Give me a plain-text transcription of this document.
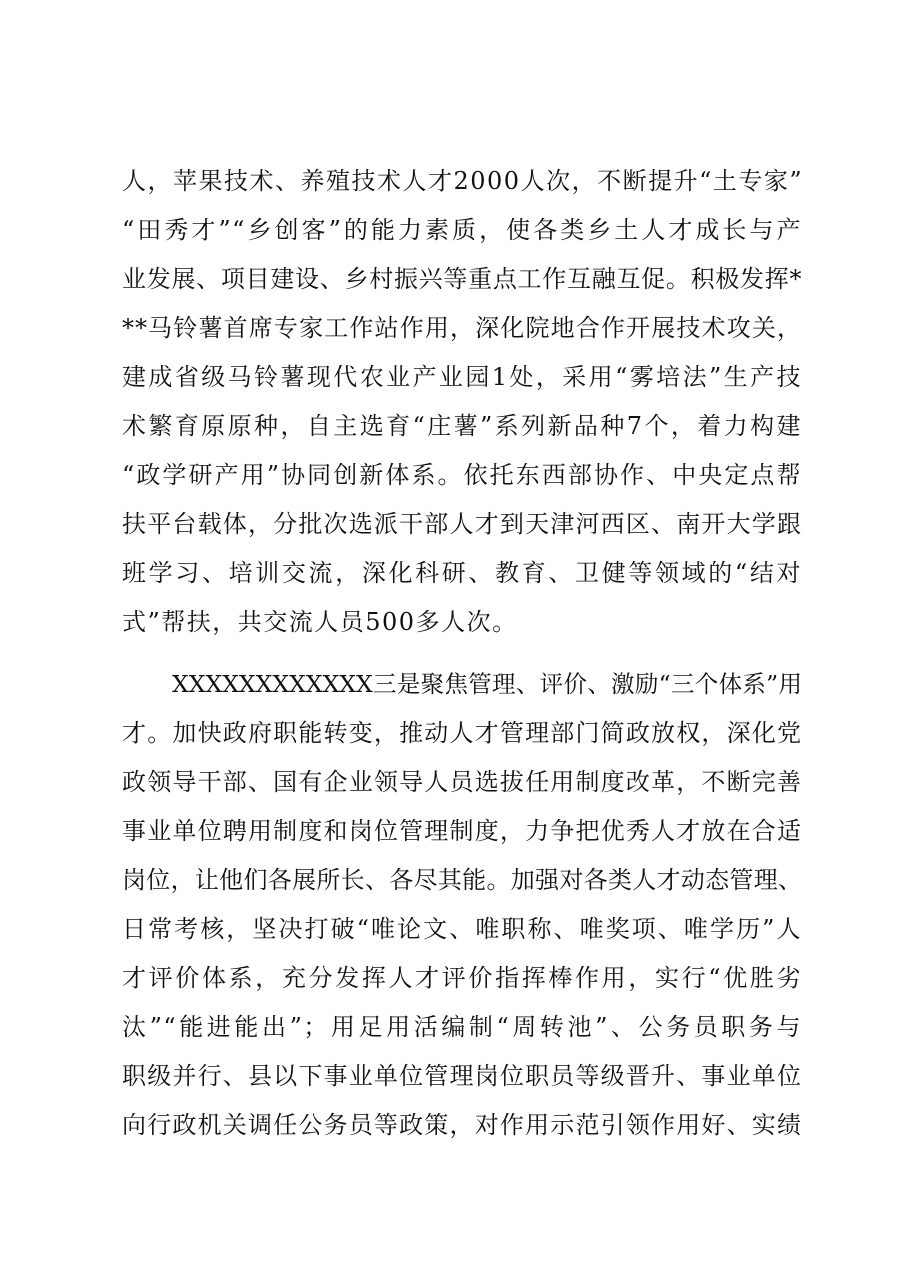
人，苹果技术、养殖技术人才2000人次，不断提升“土专家”
“田秀才”“乡创客”的能力素质，使各类乡土人才成长与产
业发展、项目建设、乡村振兴等重点工作互融互促。积极发挥*
**马铃薯首席专家工作站作用，深化院地合作开展技术攻关，
建成省级马铃薯现代农业产业园1处，采用“雾培法”生产技
术繁育原原种，自主选育“庄薯”系列新品种7个，着力构建
“政学研产用”协同创新体系。依托东西部协作、中央定点帮
扶平台载体，分批次选派干部人才到天津河西区、南开大学跟
班学习、培训交流，深化科研、教育、卫健等领域的“结对
式”帮扶，共交流人员500多人次。
XXXXXXXXXXXX三是聚焦管理、评价、激励“三个体系”用
才。加快政府职能转变，推动人才管理部门简政放权，深化党
政领导干部、国有企业领导人员选拔任用制度改革，不断完善
事业单位聘用制度和岗位管理制度，力争把优秀人才放在合适
岗位，让他们各展所长、各尽其能。加强对各类人才动态管理、
日常考核，坚决打破“唯论文、唯职称、唯奖项、唯学历”人
才评价体系，充分发挥人才评价指挥棒作用，实行“优胜劣
汰”“能进能出”；用足用活编制“周转池”、公务员职务与
职级并行、县以下事业单位管理岗位职员等级晋升、事业单位
向行政机关调任公务员等政策，对作用示范引领作用好、实绩
